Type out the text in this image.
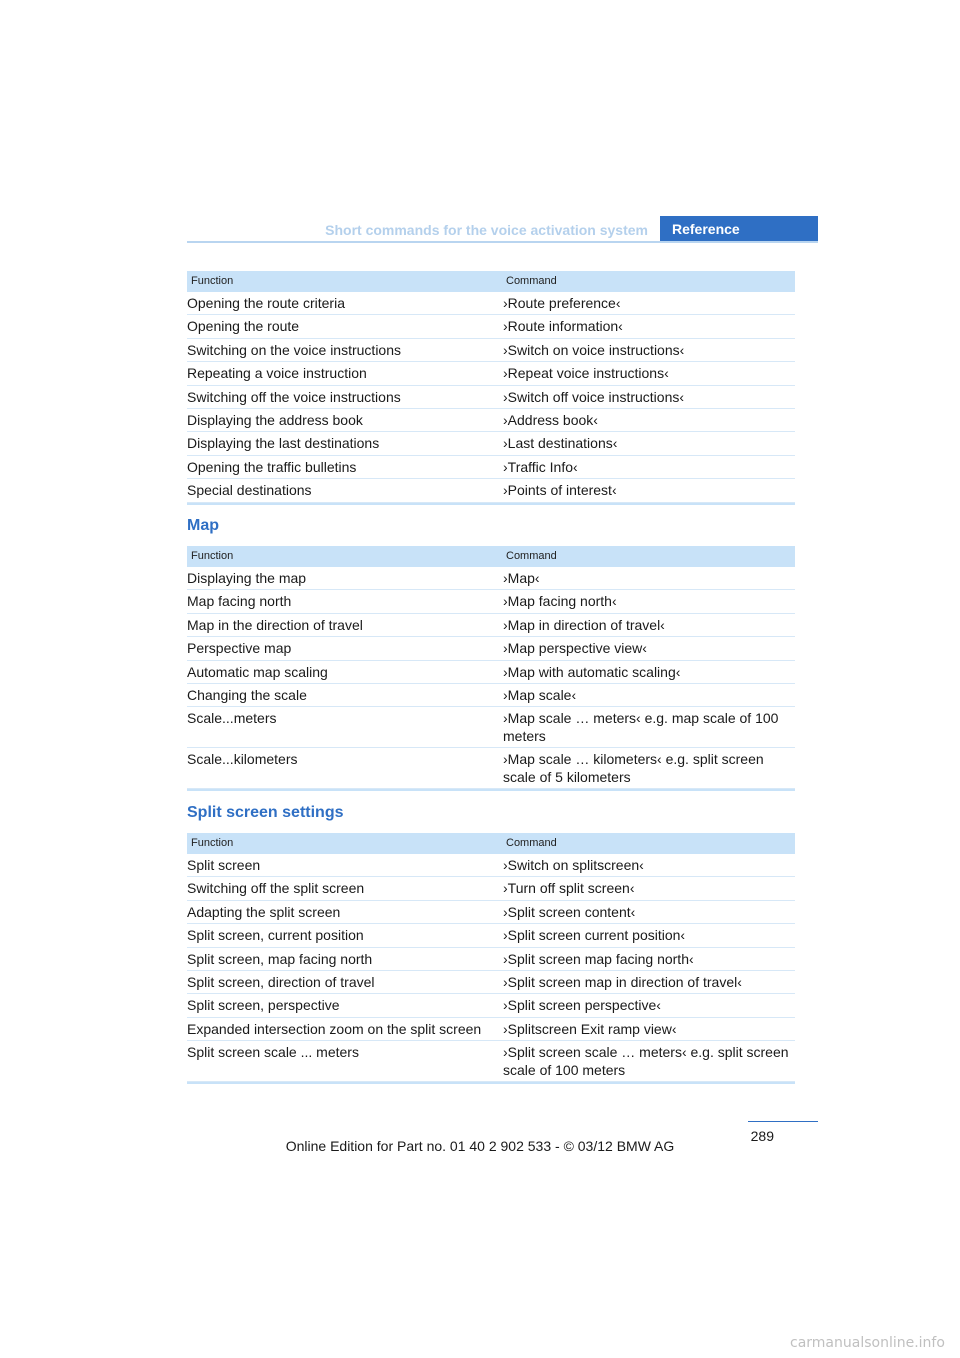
Short commands for the voice activation system	Reference
Function	Command
Opening the route criteria	›Route preference‹
Opening the route	›Route information‹
Switching on the voice instructions	›Switch on voice instructions‹
Repeating a voice instruction	›Repeat voice instructions‹
Switching off the voice instructions	›Switch off voice instructions‹
Displaying the address book	›Address book‹
Displaying the last destinations	›Last destinations‹
Opening the traffic bulletins	›Traffic Info‹
Special destinations	›Points of interest‹
Map
Function	Command
Displaying the map	›Map‹
Map facing north	›Map facing north‹
Map in the direction of travel	›Map in direction of travel‹
Perspective map	›Map perspective view‹
Automatic map scaling	›Map with automatic scaling‹
Changing the scale	›Map scale‹
Scale...meters	›Map scale … meters‹ e.g. map scale of 100 meters
Scale...kilometers	›Map scale … kilometers‹ e.g. split screen scale of 5 kilometers
Split screen settings
Function	Command
Split screen	›Switch on splitscreen‹
Switching off the split screen	›Turn off split screen‹
Adapting the split screen	›Split screen content‹
Split screen, current position	›Split screen current position‹
Split screen, map facing north	›Split screen map facing north‹
Split screen, direction of travel	›Split screen map in direction of travel‹
Split screen, perspective	›Split screen perspective‹
Expanded intersection zoom on the split screen	›Splitscreen Exit ramp view‹
Split screen scale ... meters	›Split screen scale … meters‹ e.g. split screen scale of 100 meters
289
Online Edition for Part no. 01 40 2 902 533 - © 03/12 BMW AG
carmanualsonline.info
